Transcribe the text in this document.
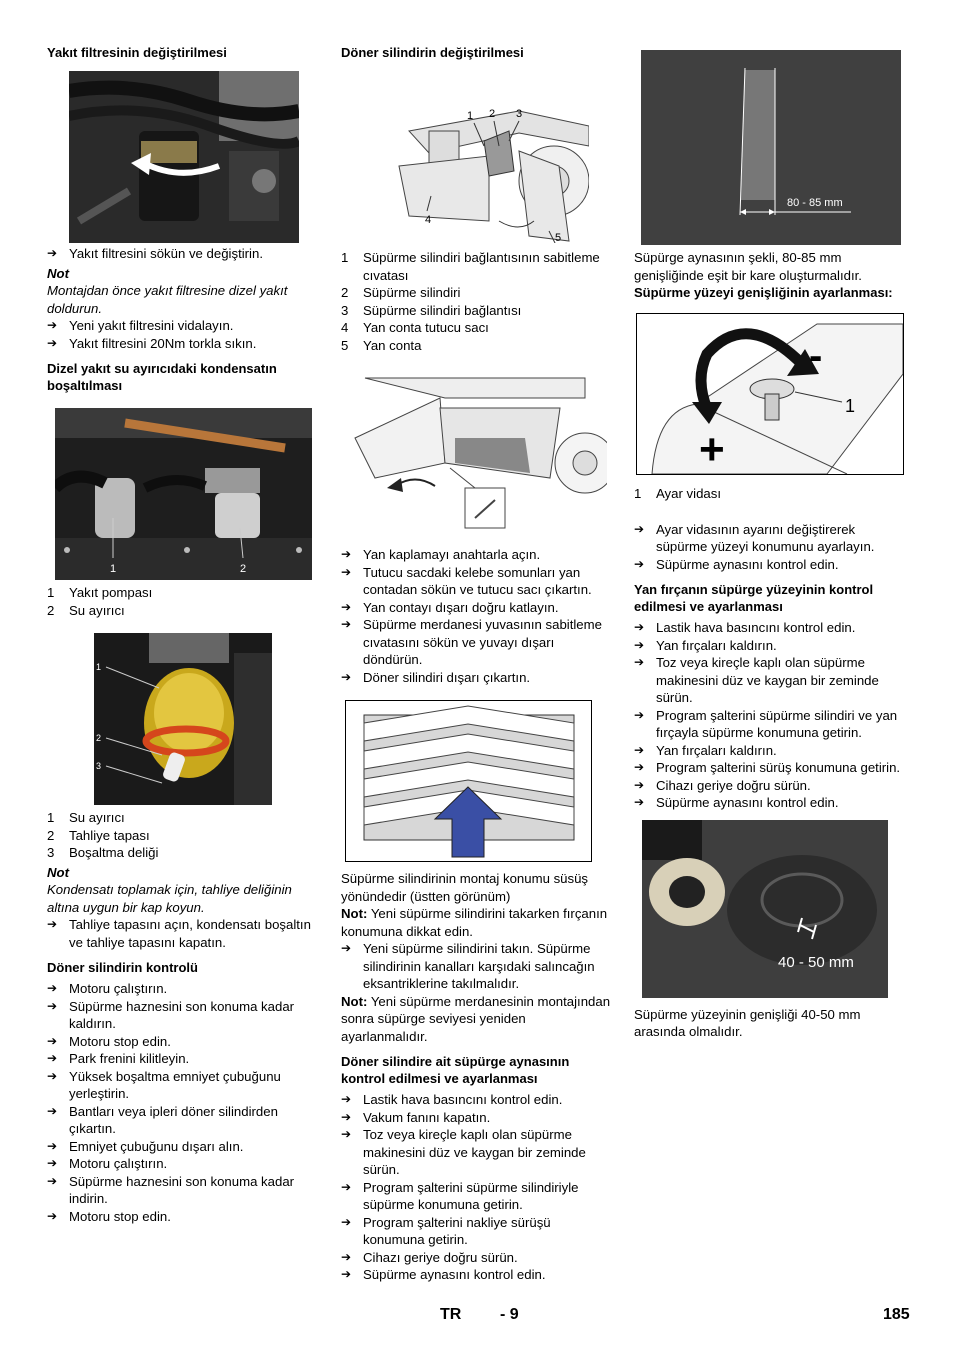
Yakıt filtresinin değiştirilmesi

➔ Yakıt filtresini sökün ve değiştirin.

Not

Montajdan önce yakıt filtresine dizel yakıt doldurun.

➔ Yeni yakıt filtresini vidalayın.

➔ Yakıt filtresini 20Nm torkla sıkın.

Dizel yakıt su ayırıcıdaki kondensatın boşaltılması
1	2
1 Yakıt pompası
2 Su ayırıcı
1
2
3
1 Su ayırıcı
2 Tahliye tapası
3 Boşaltma deliği

Not

Kondensatı toplamak için, tahliye deliğinin altına uygun bir kap koyun.

➔ Tahliye tapasını açın, kondensatı boşaltın ve tahliye tapasını kapatın.

Döner silindirin kontrolü

➔ Motoru çalıştırın.

➔ Süpürme haznesini son konuma kadar kaldırın.

➔ Motoru stop edin.

➔ Park frenini kilitleyin.

➔ Yüksek boşaltma emniyet çubuğunu yerleştirin.

➔ Bantları veya ipleri döner silindirden çıkartın.

➔ Emniyet çubuğunu dışarı alın.

➔ Motoru çalıştırın.

➔ Süpürme haznesini son konuma kadar indirin.

➔ Motoru stop edin.

Döner silindirin değiştirilmesi
1 2 3
4
5
1 Süpürme silindiri bağlantısının sabitleme cıvatası
2 Süpürme silindiri
3 Süpürme silindiri bağlantısı
4 Yan conta tutucu sacı
5 Yan conta

➔ Yan kaplamayı anahtarla açın.

➔ Tutucu sacdaki kelebe somunları yan contadan sökün ve tutucu sacı çıkartın.

➔ Yan contayı dışarı doğru katlayın.

➔ Süpürme merdanesi yuvasının sabitleme cıvatasını sökün ve yuvayı dışarı döndürün.

➔ Döner silindiri dışarı çıkartın.

Süpürme silindirinin montaj konumu süsüş yönündedir (üstten görünüm)

Not: Yeni süpürme silindirini takarken fırçanın konumuna dikkat edin.

➔ Yeni süpürme silindirini takın. Süpürme silindirinin kanalları karşıdaki salıncağın eksantriklerine takılmalıdır.

Not: Yeni süpürme merdanesinin montajından sonra süpürge seviyesi yeniden ayarlanmalıdır.

Döner silindire ait süpürge aynasının kontrol edilmesi ve ayarlanması

➔ Lastik hava basıncını kontrol edin.

➔ Vakum fanını kapatın.

➔ Toz veya kireçle kaplı olan süpürme makinesini düz ve kaygan bir zeminde sürün.

➔ Program şalterini süpürme silindiriyle süpürme konumuna getirin.

➔ Program şalterini nakliye sürüşü konumuna getirin.

➔ Cihazı geriye doğru sürün.

➔ Süpürme aynasını kontrol edin.

80 - 85 mm

Süpürge aynasının şekli, 80-85 mm genişliğinde eşit bir kare oluşturmalıdır.

Süpürme yüzeyi genişliğinin ayarlanması:
-
+
1
1 Ayar vidası

➔ Ayar vidasının ayarını değiştirerek süpürme yüzeyi konumunu ayarlayın.

➔ Süpürme aynasını kontrol edin.

Yan fırçanın süpürge yüzeyinin kontrol edilmesi ve ayarlanması

➔ Lastik hava basıncını kontrol edin.

➔ Yan fırçaları kaldırın.

➔ Toz veya kireçle kaplı olan süpürme makinesini düz ve kaygan bir zeminde sürün.

➔ Program şalterini süpürme silindiri ve yan fırçayla süpürme konumuna getirin.

➔ Yan fırçaları kaldırın.

➔ Program şalterini sürüş konumuna getirin.

➔ Cihazı geriye doğru sürün.

➔ Süpürme aynasını kontrol edin.

40 - 50 mm

Süpürme yüzeyinin genişliği 40-50 mm arasında olmalıdır.

TR - 9	185
